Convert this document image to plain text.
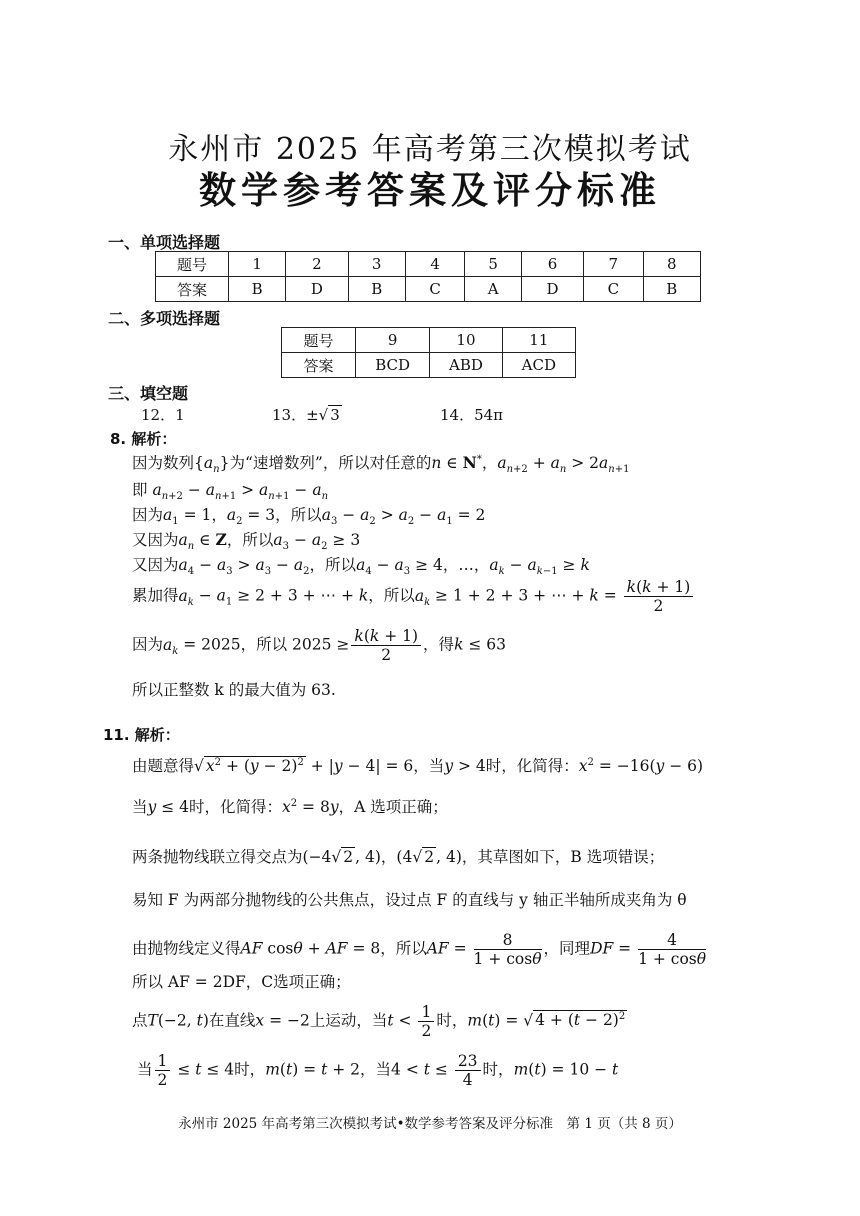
永州市 2025 年高考第三次模拟考试
数学参考答案及评分标准
一、单项选择题
题号	1	2	3	4	5	6	7	8
答案	B	D	B	C	A	D	C	B
二、多项选择题
题号	9	10	11
答案	BCD	ABD	ACD
三、填空题
12．1	13．±√ 3	14．54π
8. 解析：
因为数列$\{a_n\}$为“速增数列”，所以对任意的n ∈ N*，$a_{n+2} + a_n > 2a_{n+1}$
即 $a_{n+2} - a_{n+1} > a_{n+1} - a_n$
因为$a_1 = 1$，$a_2 = 3$，所以$a_3 - a_2 > a_2 - a_1 = 2$
又因为$a_n$ ∈ Z，所以$a_3 - a_2 \ge 3$
又因为$a_4 - a_3 > a_3 - a_2$，所以$a_4 - a_3 \ge 4$，…，$a_k - a_{k-1} \ge k$
累加得$a_k - a_1 \ge 2 + 3$ + ⋯ + k，所以$a_k \ge 1 + 2 + 3$ + ⋯ + $k = \frac{k(k + 1)}{2}$
因为$a_k = 2025$，所以 $2025 \ge \frac{k(k + 1)}{2}$ ，得k ≤ 63
所以正整数 k 的最大值为 63.
11. 解析：
由题意得√ $x^2 + (y - 2)^2 + |y - 4| = 6$，当y > 4时，化简得：$x^2 = -16(y - 6)$
当y ≤ 4时，化简得：$x^2 = 8y$，A 选项正确；
两条抛物线联立得交点为(−4√ 2 , 4)，(4√ 2 , 4)，其草图如下，B 选项错误；
易知 F 为两部分抛物线的公共焦点，设过点 F 的直线与 y 轴正半轴所成夹角为 θ
由抛物线定义得AF cosθ + AF = 8，所以AF = $\frac{8}{1 + \cos\theta}$ ，同理DF = $\frac{4}{1 + \cos\theta}$
所以 AF = 2DF，C选项正确；
点T(−2, t)在直线x = −2上运动，当$t < \frac{1}{2}$ 时，m(t) = √ $4 + (t - 2)^2$
当 $\frac{1}{2} \le t \le 4$时，m(t) = t + 2，当$4 < t \le \frac{23}{4}$ 时，m(t) = 10 − t
永州市 2025 年高考第三次模拟考试•数学参考答案及评分标准　第 1 页（共 8 页）
